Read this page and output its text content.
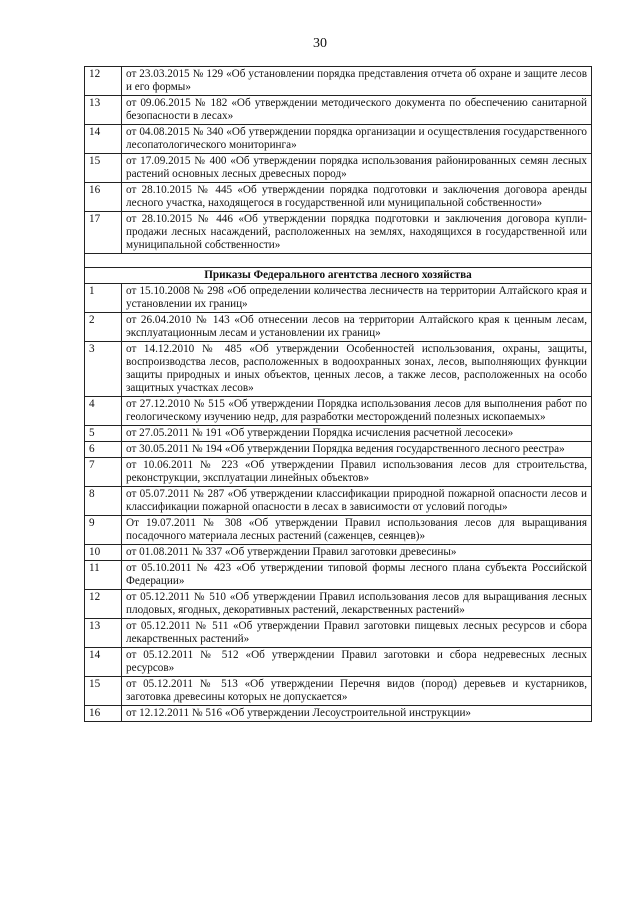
30
12	от 23.03.2015 № 129 «Об установлении порядка представления отчета об охране и защите лесов и его формы»
13	от 09.06.2015 № 182 «Об утверждении методического документа по обеспечению санитарной безопасности в лесах»
14	от 04.08.2015 № 340 «Об утверждении порядка организации и осуществления государственного лесопатологического мониторинга»
15	от 17.09.2015 № 400 «Об утверждении порядка использования районированных семян лесных растений основных лесных древесных пород»
16	от 28.10.2015 № 445 «Об утверждении порядка подготовки и заключения договора аренды лесного участка, находящегося в государственной или муниципальной собственности»
17	от 28.10.2015 № 446 «Об утверждении порядка подготовки и заключения договора купли-продажи лесных насаждений, расположенных на землях, находящихся в государственной или муниципальной собственности»

Приказы Федерального агентства лесного хозяйства	
1	от 15.10.2008 № 298 «Об определении количества лесничеств на территории Алтайского края и установлении их границ»
2	от 26.04.2010 № 143 «Об отнесении лесов на территории Алтайского края к ценным лесам, эксплуатационным лесам и установлении их границ»
3	от 14.12.2010 № 485 «Об утверждении Особенностей использования, охраны, защиты, воспроизводства лесов, расположенных в водоохранных зонах, лесов, выполняющих функции защиты природных и иных объектов, ценных лесов, а также лесов, расположенных на особо защитных участках лесов»
4	от 27.12.2010 № 515 «Об утверждении Порядка использования лесов для выполнения работ по геологическому изучению недр, для разработки месторождений полезных ископаемых»
5	от 27.05.2011 № 191 «Об утверждении Порядка исчисления расчетной лесосеки»
6	от 30.05.2011 № 194 «Об утверждении Порядка ведения государственного лесного реестра»
7	от 10.06.2011 № 223 «Об утверждении Правил использования лесов для строительства, реконструкции, эксплуатации линейных объектов»
8	от 05.07.2011 № 287 «Об утверждении классификации природной пожарной опасности лесов и классификации пожарной опасности в лесах в зависимости от условий погоды»
9	От 19.07.2011 № 308 «Об утверждении Правил использования лесов для выращивания посадочного материала лесных растений (саженцев, сеянцев)»
10	от 01.08.2011 № 337 «Об утверждении Правил заготовки древесины»
11	от 05.10.2011 № 423 «Об утверждении типовой формы лесного плана субъекта Российской Федерации»
12	от 05.12.2011 № 510 «Об утверждении Правил использования лесов для выращивания лесных плодовых, ягодных, декоративных растений, лекарственных растений»
13	от 05.12.2011 № 511 «Об утверждении Правил заготовки пищевых лесных ресурсов и сбора лекарственных растений»
14	от 05.12.2011 № 512 «Об утверждении Правил заготовки и сбора недревесных лесных ресурсов»
15	от 05.12.2011 № 513 «Об утверждении Перечня видов (пород) деревьев и кустарников, заготовка древесины которых не допускается»
16	от 12.12.2011 № 516 «Об утверждении Лесоустроительной инструкции»
